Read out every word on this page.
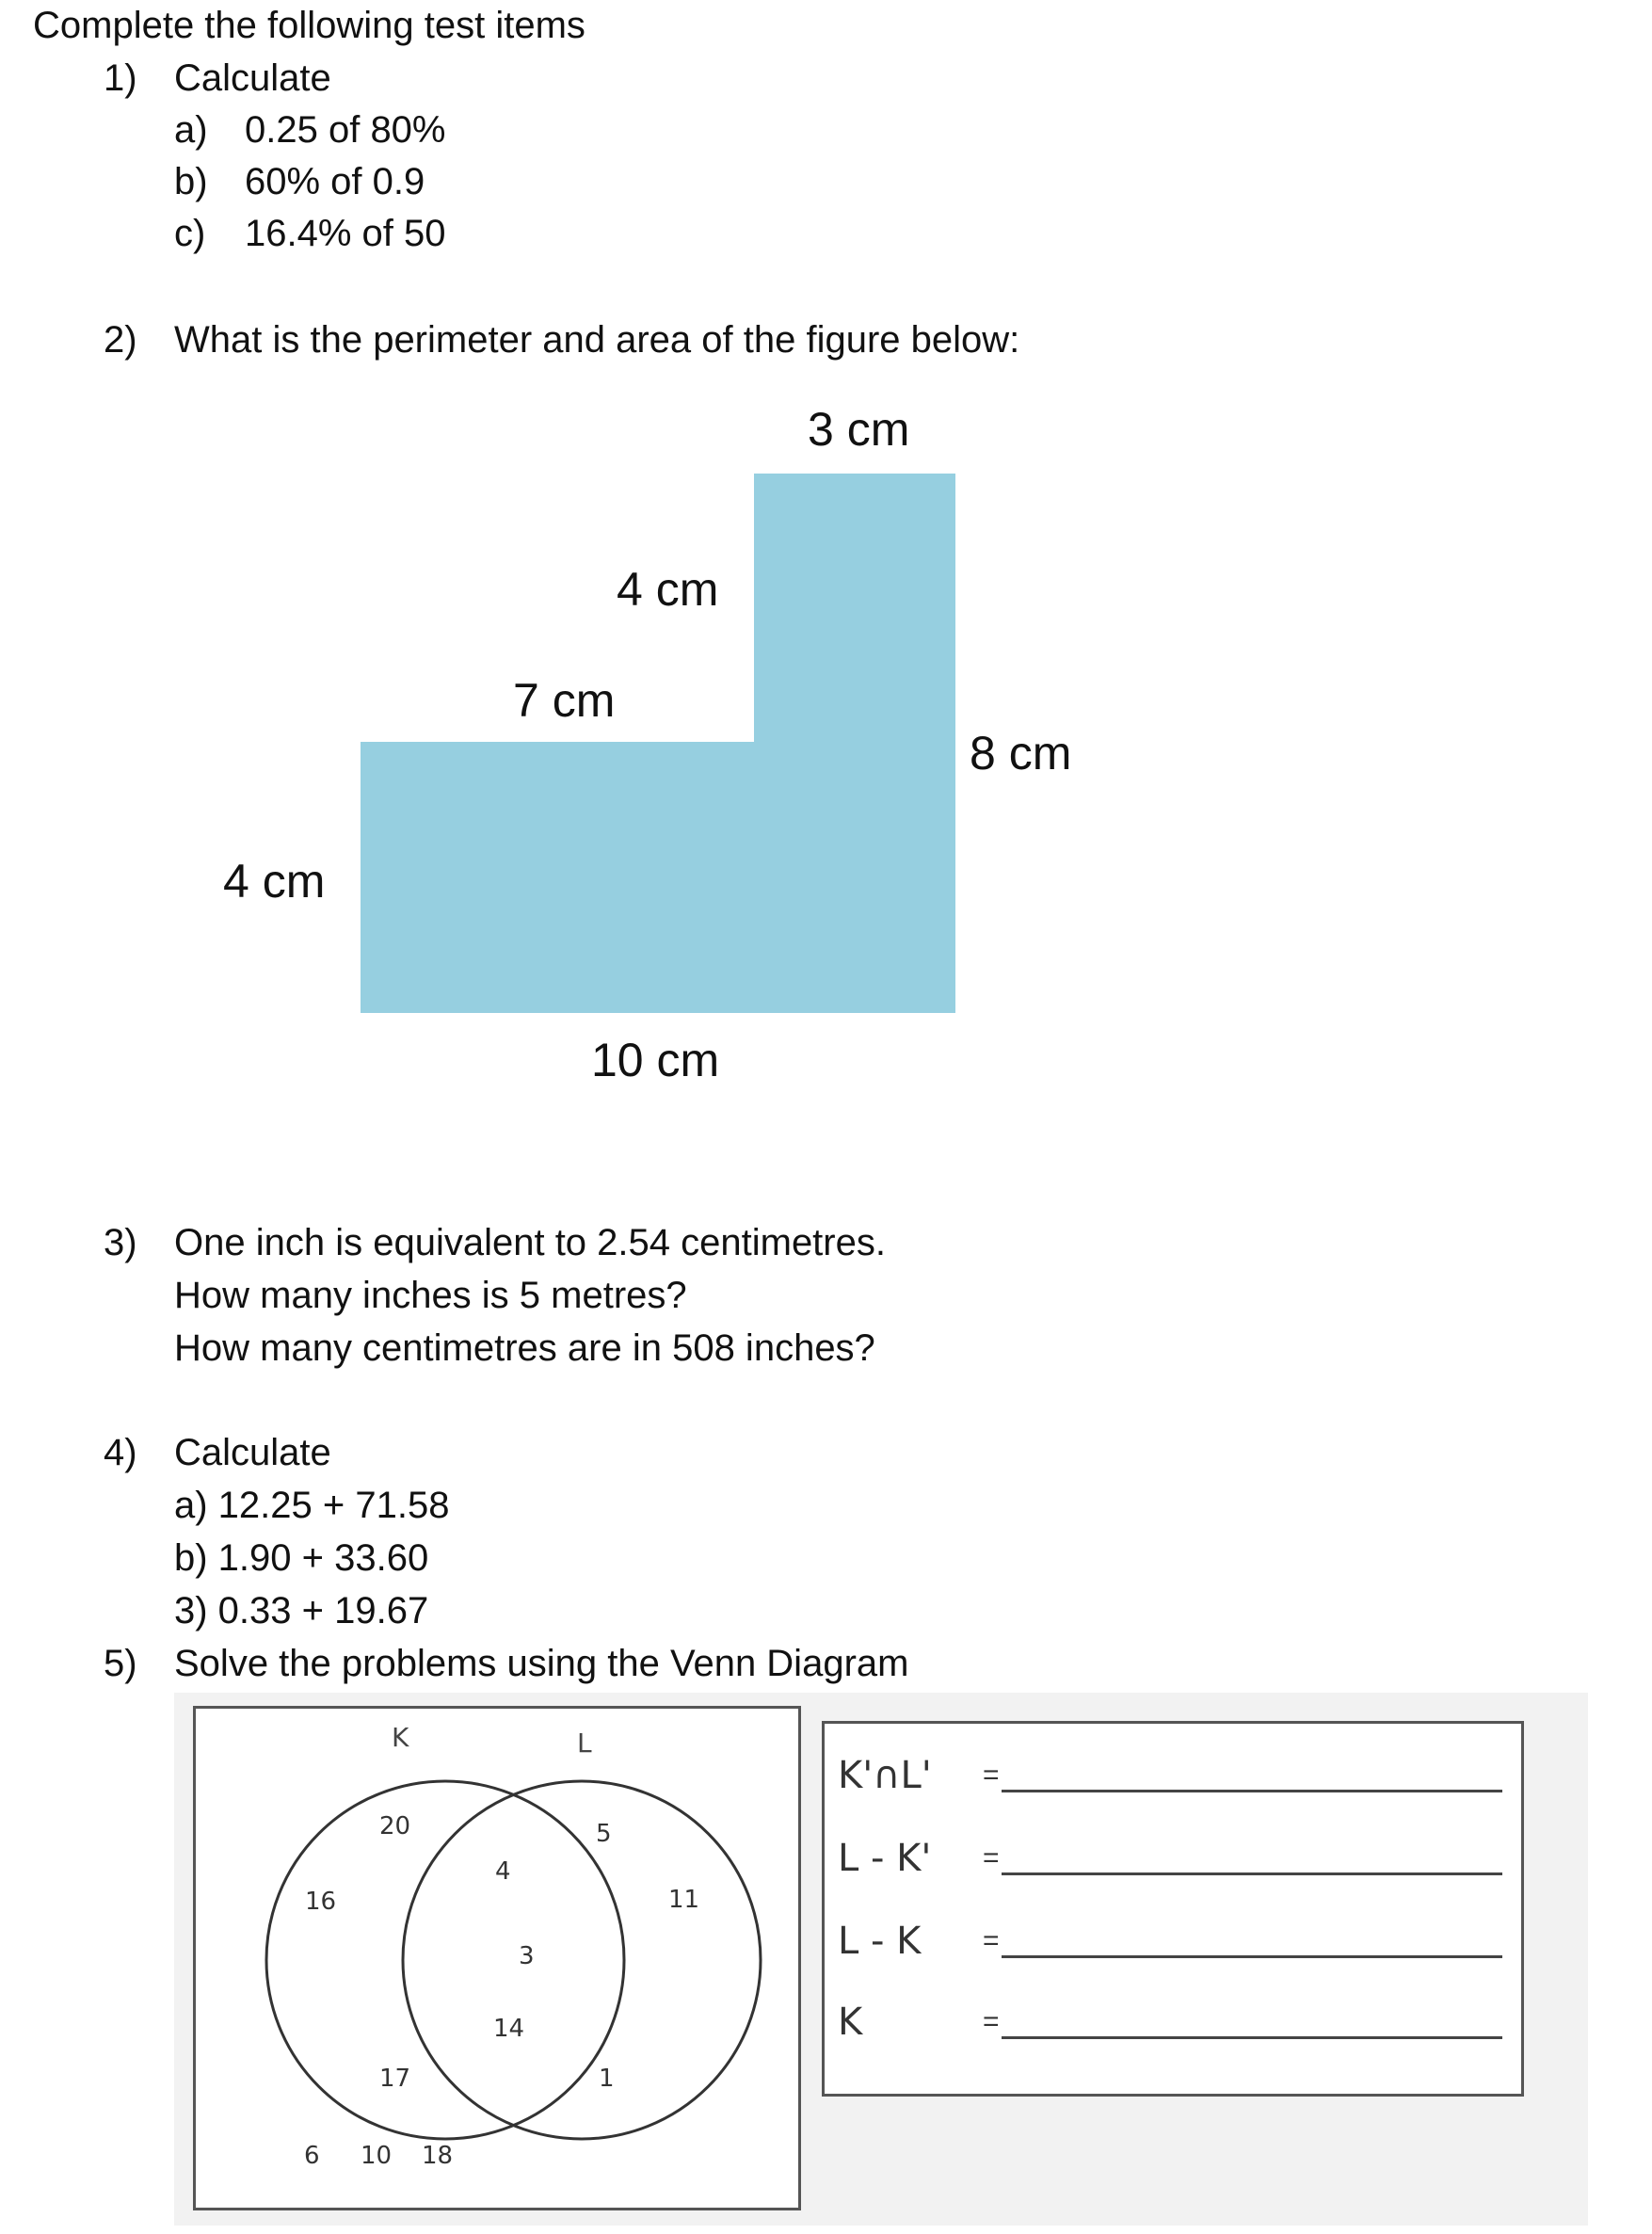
Complete the following test items
1) Calculate
a) 0.25 of 80%
b) 60% of 0.9
c) 16.4% of 50
2) What is the perimeter and area of the figure below:
3 cm
4 cm
7 cm
8 cm
4 cm
10 cm
3) One inch is equivalent to 2.54 centimetres.
How many inches is 5 metres?
How many centimetres are in 508 inches?
4) Calculate
a) 12.25 + 71.58
b) 1.90 + 33.60
3) 0.33 + 19.67
5) Solve the problems using the Venn Diagram
K	L
20
16
17
4
3
14
5
11
1
6 10 18
K'∩L' =
L - K' =
L - K =
K	=
